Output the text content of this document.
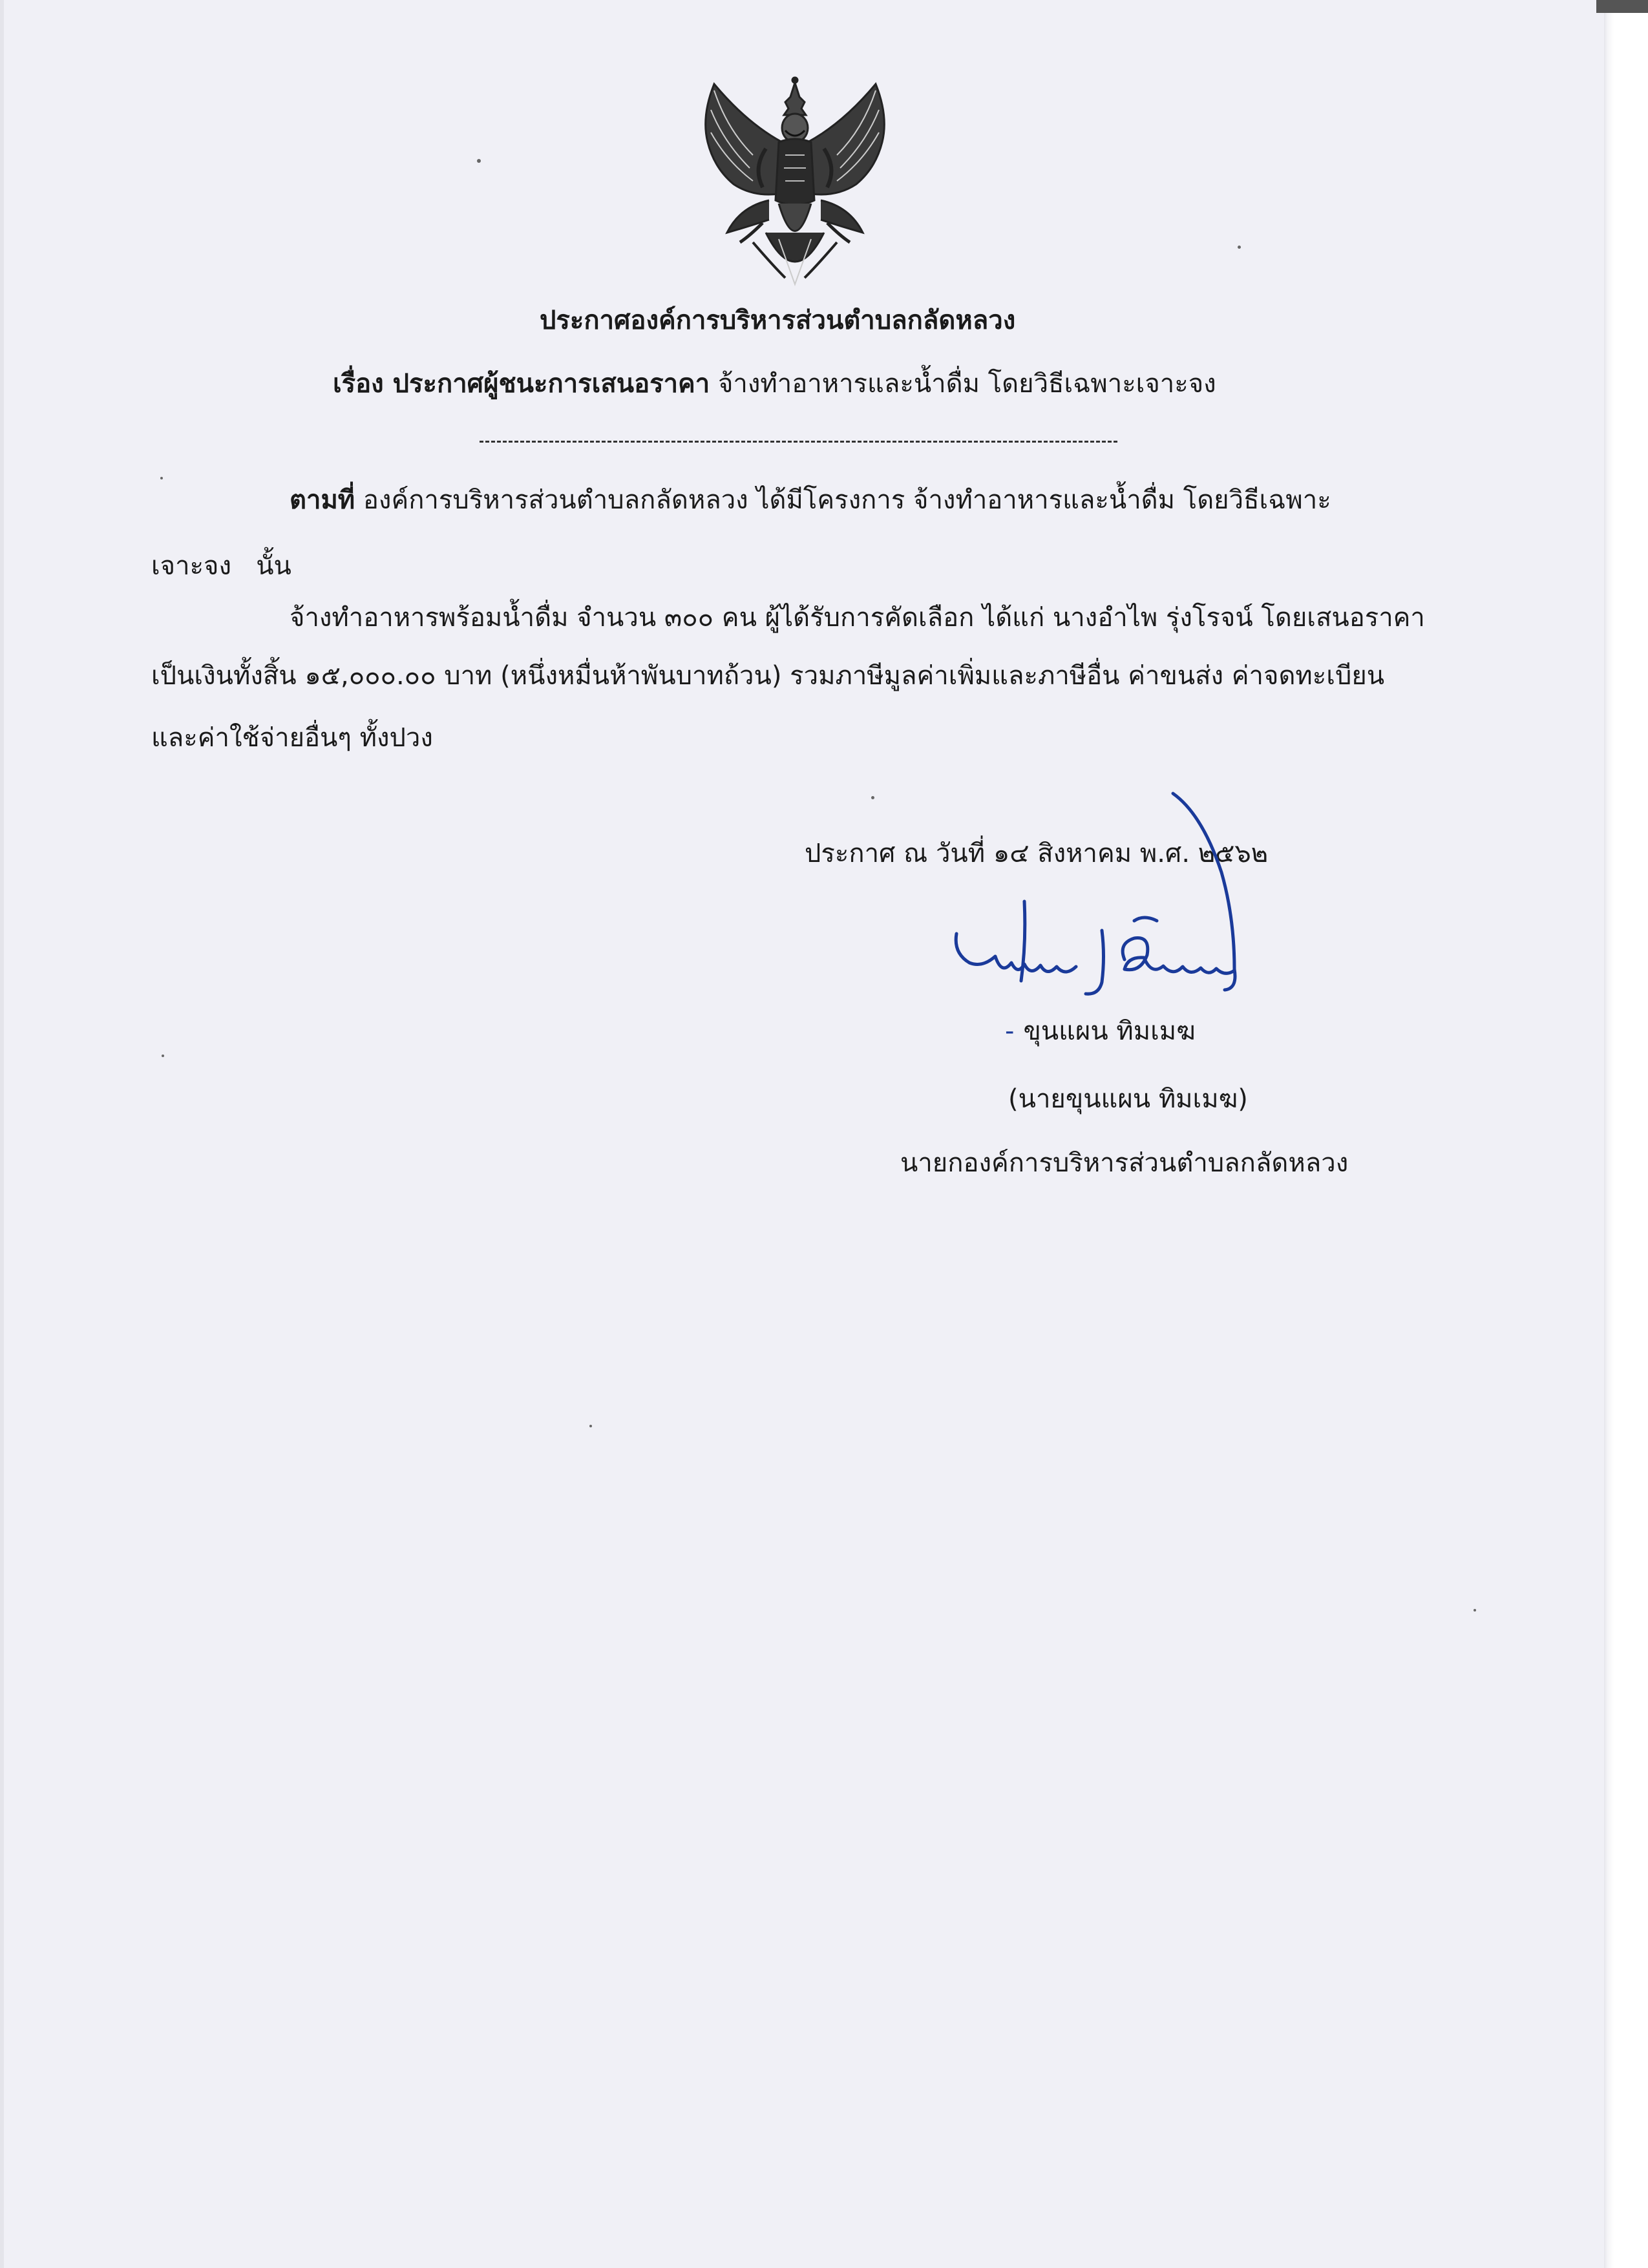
ประกาศองค์การบริหารส่วนตำบลกลัดหลวง
เรื่อง ประกาศผู้ชนะการเสนอราคา จ้างทำอาหารและน้ำดื่ม โดยวิธีเฉพาะเจาะจง
ตามที่ องค์การบริหารส่วนตำบลกลัดหลวง ได้มีโครงการ จ้างทำอาหารและน้ำดื่ม โดยวิธีเฉพาะ
เจาะจง นั้น
จ้างทำอาหารพร้อมน้ำดื่ม จำนวน ๓๐๐ คน ผู้ได้รับการคัดเลือก ได้แก่ นางอำไพ รุ่งโรจน์ โดยเสนอราคา
เป็นเงินทั้งสิ้น ๑๕,๐๐๐.๐๐ บาท (หนึ่งหมื่นห้าพันบาทถ้วน) รวมภาษีมูลค่าเพิ่มและภาษีอื่น ค่าขนส่ง ค่าจดทะเบียน
และค่าใช้จ่ายอื่นๆ ทั้งปวง
ประกาศ ณ วันที่ ๑๔ สิงหาคม พ.ศ. ๒๕๖๒
- ขุนแผน ทิมเมฆ
(นายขุนแผน ทิมเมฆ)
นายกองค์การบริหารส่วนตำบลกลัดหลวง
